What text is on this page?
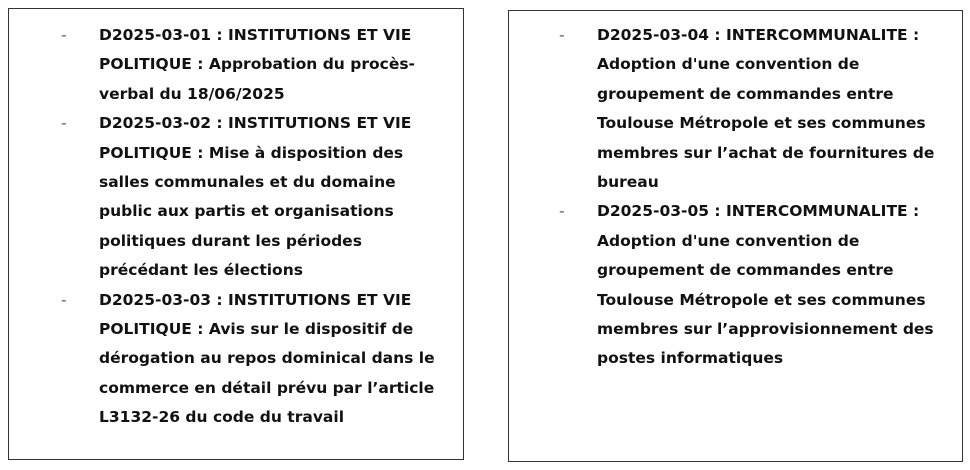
- D2025-03-01 : INSTITUTIONS ET VIE POLITIQUE : Approbation du procès-verbal du 18/06/2025
- D2025-03-02 : INSTITUTIONS ET VIE POLITIQUE : Mise à disposition des salles communales et du domaine public aux partis et organisations politiques durant les périodes précédant les élections
- D2025-03-03 : INSTITUTIONS ET VIE POLITIQUE : Avis sur le dispositif de dérogation au repos dominical dans le commerce en détail prévu par l’article L3132-26 du code du travail
- D2025-03-04 : INTERCOMMUNALITE : Adoption d'une convention de groupement de commandes entre Toulouse Métropole et ses communes membres sur l’achat de fournitures de bureau
- D2025-03-05 : INTERCOMMUNALITE : Adoption d'une convention de groupement de commandes entre Toulouse Métropole et ses communes membres sur l’approvisionnement des postes informatiques
